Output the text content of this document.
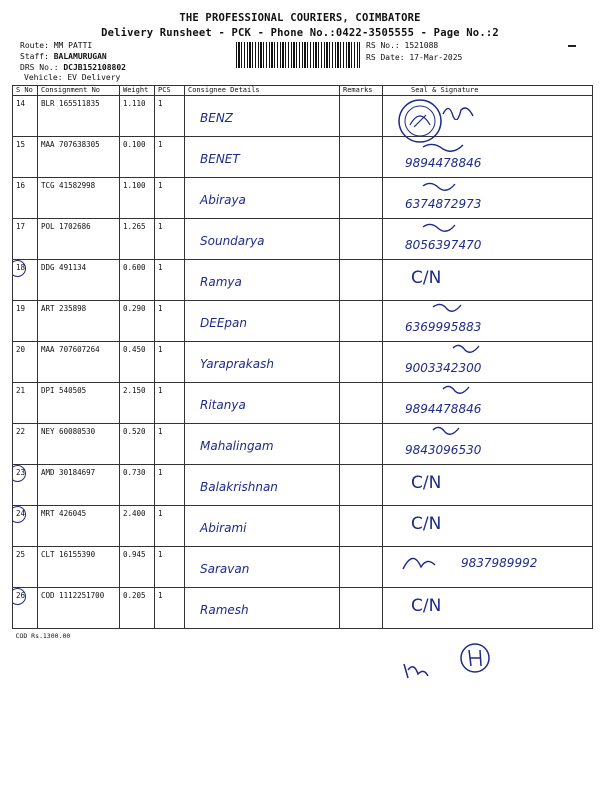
THE PROFESSIONAL COURIERS, COIMBATORE
Delivery Runsheet - PCK - Phone No.:0422-3505555 - Page No.:2
Route: MM PATTI
Staff: BALAMURUGAN
DRS No.: DCJB152108802
Vehicle: EV Delivery
RS No.: 1521088
RS Date: 17-Mar-2025
S No	Consignment No	Weight	PCS	Consignee Details	Remarks	Seal & Signature
14	BLR 165511835	1.110	1	BENZ		

15	MAA 707638305	0.100	1	BENET		9894478846

16	TCG 41582998	1.100	1	Abiraya		6374872973

17	POL 1702686	1.265	1	Soundarya		8056397470

18	DDG 491134	0.600	1	Ramya		C/N

19	ART 235898	0.290	1	DEEpan		6369995883

20	MAA 707607264	0.450	1	Yaraprakash		9003342300

21	DPI 540505	2.150	1	Ritanya		9894478846

22	NEY 60080530	0.520	1	Mahalingam		9843096530

23	AMD 30184697	0.730	1	Balakrishnan		C/N

24	MRT 426045	2.400	1	Abirami		C/N

25	CLT 16155390	0.945	1	Saravan		9837989992

26	COD 1112251700	0.205	1	Ramesh		C/N

COD Rs.1300.00						
